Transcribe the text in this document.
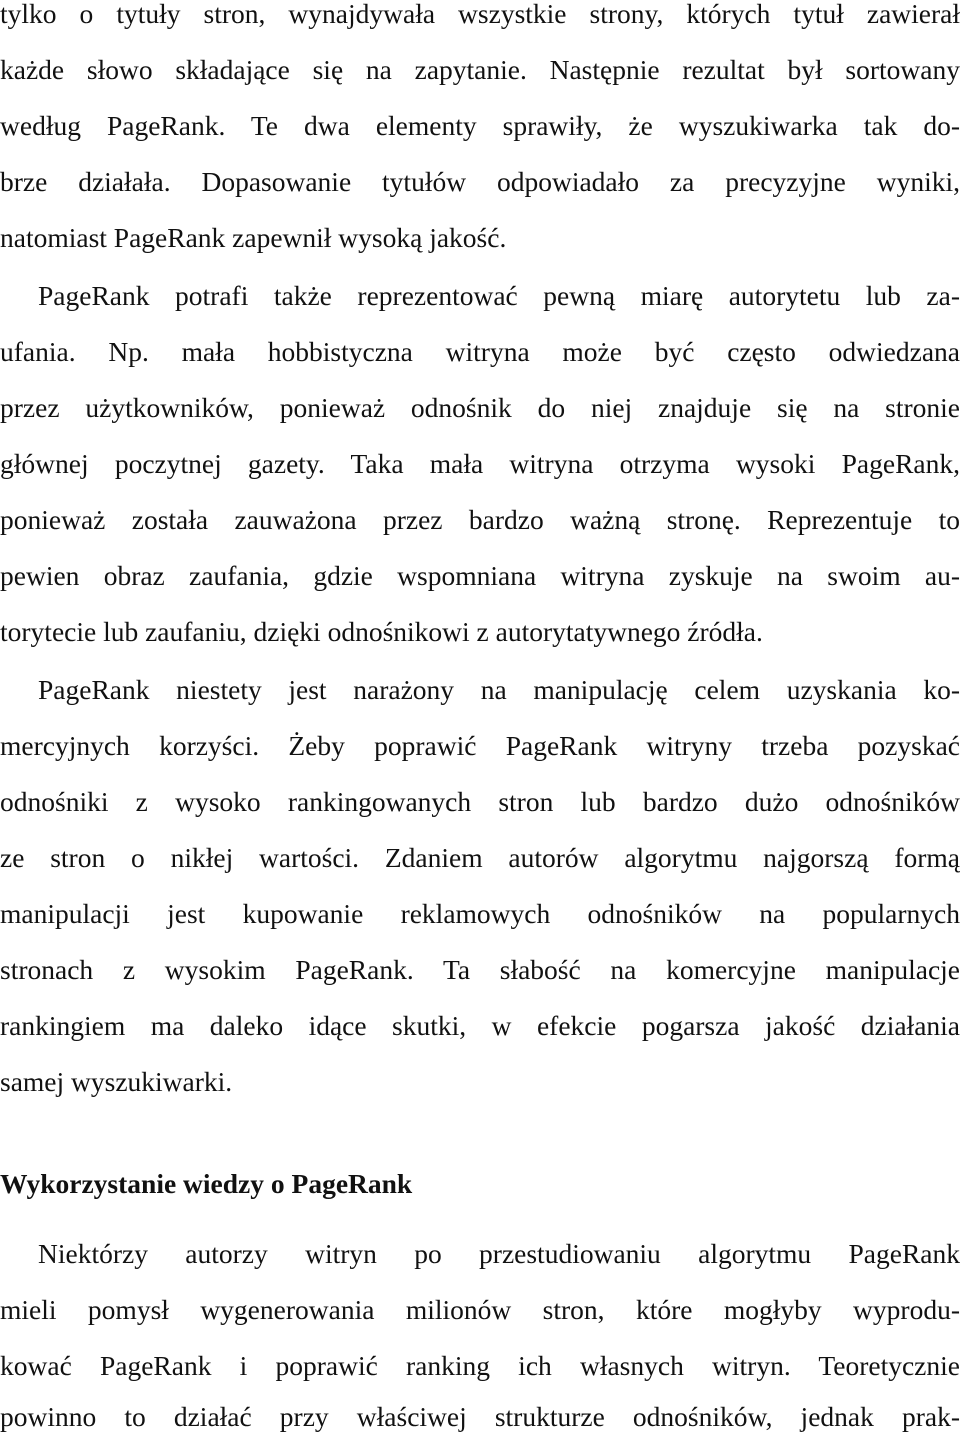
tylko o tytuły stron, wynajdywała wszystkie strony, których tytuł zawierał
każde słowo składające się na zapytanie. Następnie rezultat był sortowany
według PageRank. Te dwa elementy sprawiły, że wyszukiwarka tak do-
brze działała. Dopasowanie tytułów odpowiadało za precyzyjne wyniki,
natomiast PageRank zapewnił wysoką jakość.
PageRank potrafi także reprezentować pewną miarę autorytetu lub za-
ufania. Np. mała hobbistyczna witryna może być często odwiedzana
przez użytkowników, ponieważ odnośnik do niej znajduje się na stronie
głównej poczytnej gazety. Taka mała witryna otrzyma wysoki PageRank,
ponieważ została zauważona przez bardzo ważną stronę. Reprezentuje to
pewien obraz zaufania, gdzie wspomniana witryna zyskuje na swoim au-
torytecie lub zaufaniu, dzięki odnośnikowi z autorytatywnego źródła.
PageRank niestety jest narażony na manipulację celem uzyskania ko-
mercyjnych korzyści. Żeby poprawić PageRank witryny trzeba pozyskać
odnośniki z wysoko rankingowanych stron lub bardzo dużo odnośników
ze stron o nikłej wartości. Zdaniem autorów algorytmu najgorszą formą
manipulacji jest kupowanie reklamowych odnośników na popularnych
stronach z wysokim PageRank. Ta słabość na komercyjne manipulacje
rankingiem ma daleko idące skutki, w efekcie pogarsza jakość działania
samej wyszukiwarki.
Wykorzystanie wiedzy o PageRank
Niektórzy autorzy witryn po przestudiowaniu algorytmu PageRank
mieli pomysł wygenerowania milionów stron, które mogłyby wyprodu-
kować PageRank i poprawić ranking ich własnych witryn. Teoretycznie
powinno to działać przy właściwej strukturze odnośników, jednak prak-
